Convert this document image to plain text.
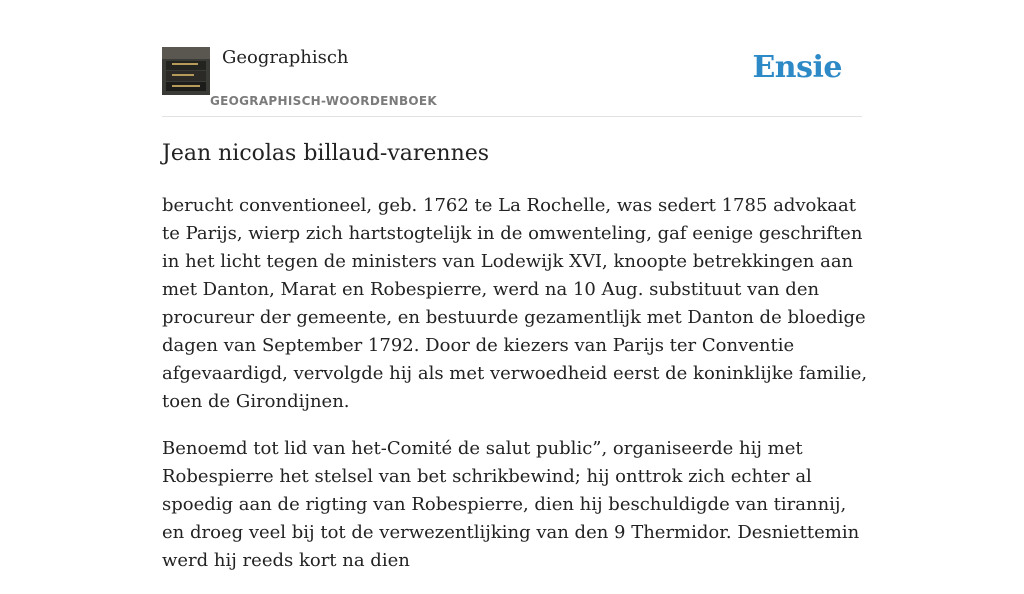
Geographisch
GEOGRAPHISCH-WOORDENBOEK
Ensie
Jean nicolas billaud-varennes

berucht conventioneel, geb. 1762 te La Rochelle, was sedert 1785 advokaat te Parijs, wierp zich hartstogtelijk in de omwenteling, gaf eenige geschriften in het licht tegen de ministers van Lodewijk XVI, knoopte betrekkingen aan met Danton, Marat en Robespierre, werd na 10 Aug. substituut van den procureur der gemeente, en bestuurde gezamentlijk met Danton de bloedige dagen van September 1792. Door de kiezers van Parijs ter Conventie afgevaardigd, vervolgde hij als met verwoedheid eerst de koninklijke familie, toen de Girondijnen.

Benoemd tot lid van het-Comité de salut public”, organiseerde hij met Robespierre het stelsel van bet schrikbewind; hij onttrok zich echter al spoedig aan de rigting van Robespierre, dien hij beschuldigde van tirannij, en droeg veel bij tot de verwezentlijking van den 9 Thermidor. Desniettemin werd hij reeds kort na dien
